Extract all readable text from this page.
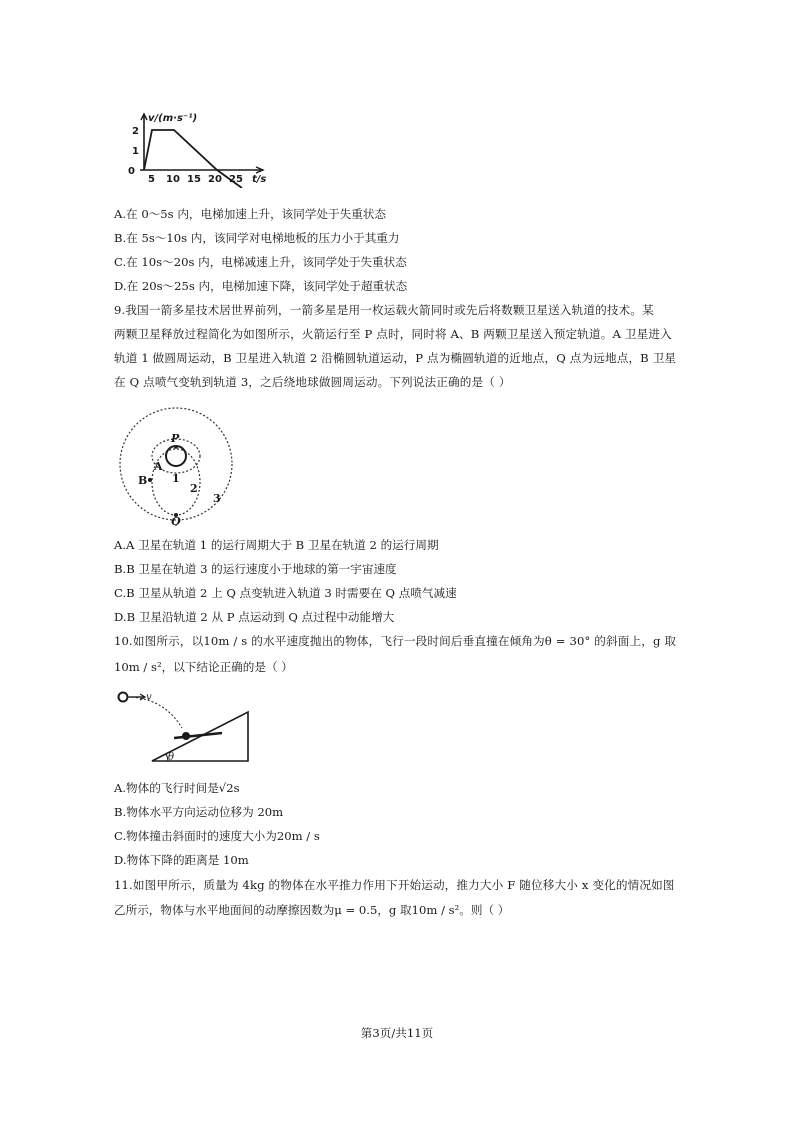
v/(m·s⁻¹)
2
1
0
5 10 15 20 25 t/s
A.在 0～5s 内，电梯加速上升，该同学处于失重状态
B.在 5s～10s 内，该同学对电梯地板的压力小于其重力
C.在 10s～20s 内，电梯减速上升，该同学处于失重状态
D.在 20s～25s 内，电梯加速下降，该同学处于超重状态
9.我国一箭多星技术居世界前列，一箭多星是用一枚运载火箭同时或先后将数颗卫星送入轨道的技术。某
两颗卫星释放过程简化为如图所示，火箭运行至 P 点时，同时将 A、B 两颗卫星送入预定轨道。A 卫星进入
轨道 1 做圆周运动，B 卫星进入轨道 2 沿椭圆轨道运动，P 点为椭圆轨道的近地点，Q 点为远地点，B 卫星
在 Q 点喷气变轨到轨道 3，之后绕地球做圆周运动。下列说法正确的是（ ）
P
A
1
B
2
3
Q
A.A 卫星在轨道 1 的运行周期大于 B 卫星在轨道 2 的运行周期
B.B 卫星在轨道 3 的运行速度小于地球的第一宇宙速度
C.B 卫星从轨道 2 上 Q 点变轨进入轨道 3 时需要在 Q 点喷气减速
D.B 卫星沿轨道 2 从 P 点运动到 Q 点过程中动能增大
10.如图所示，以10m / s 的水平速度抛出的物体，飞行一段时间后垂直撞在倾角为θ = 30° 的斜面上，g 取
10m / s²，以下结论正确的是（ ）
v
θ
A.物体的飞行时间是√2s
B.物体水平方向运动位移为 20m
C.物体撞击斜面时的速度大小为20m / s
D.物体下降的距离是 10m
11.如图甲所示，质量为 4kg 的物体在水平推力作用下开始运动，推力大小 F 随位移大小 x 变化的情况如图
乙所示，物体与水平地面间的动摩擦因数为μ = 0.5，g 取10m / s²。则（ ）
第3页/共11页
